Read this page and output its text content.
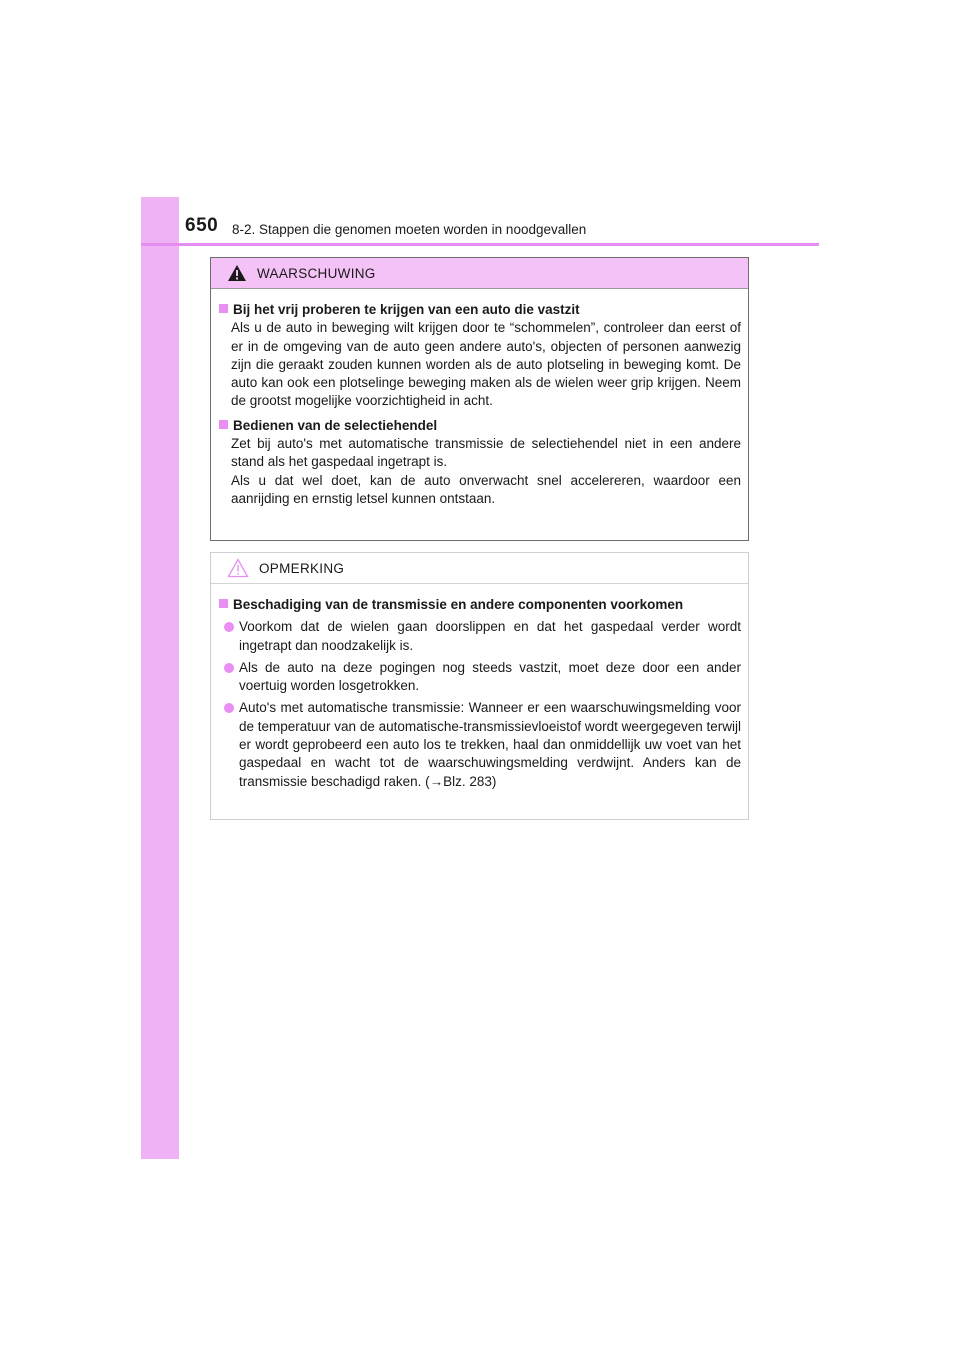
650 8-2. Stappen die genomen moeten worden in noodgevallen
WAARSCHUWING
Bij het vrij proberen te krijgen van een auto die vastzit
Als u de auto in beweging wilt krijgen door te “schommelen”, controleer dan eerst of er in de omgeving van de auto geen andere auto's, objecten of personen aanwezig zijn die geraakt zouden kunnen worden als de auto plotseling in beweging komt. De auto kan ook een plotselinge beweging maken als de wielen weer grip krijgen. Neem de grootst mogelijke voorzichtigheid in acht.
Bedienen van de selectiehendel
Zet bij auto's met automatische transmissie de selectiehendel niet in een andere stand als het gaspedaal ingetrapt is.
Als u dat wel doet, kan de auto onverwacht snel accelereren, waardoor een aanrijding en ernstig letsel kunnen ontstaan.
OPMERKING
Beschadiging van de transmissie en andere componenten voorkomen
Voorkom dat de wielen gaan doorslippen en dat het gaspedaal verder wordt ingetrapt dan noodzakelijk is.
Als de auto na deze pogingen nog steeds vastzit, moet deze door een ander voertuig worden losgetrokken.
Auto's met automatische transmissie: Wanneer er een waarschuwingsmelding voor de temperatuur van de automatische-transmissievloeistof wordt weergegeven terwijl er wordt geprobeerd een auto los te trekken, haal dan onmiddellijk uw voet van het gaspedaal en wacht tot de waarschuwingsmelding verdwijnt. Anders kan de transmissie beschadigd raken. (→Blz. 283)
